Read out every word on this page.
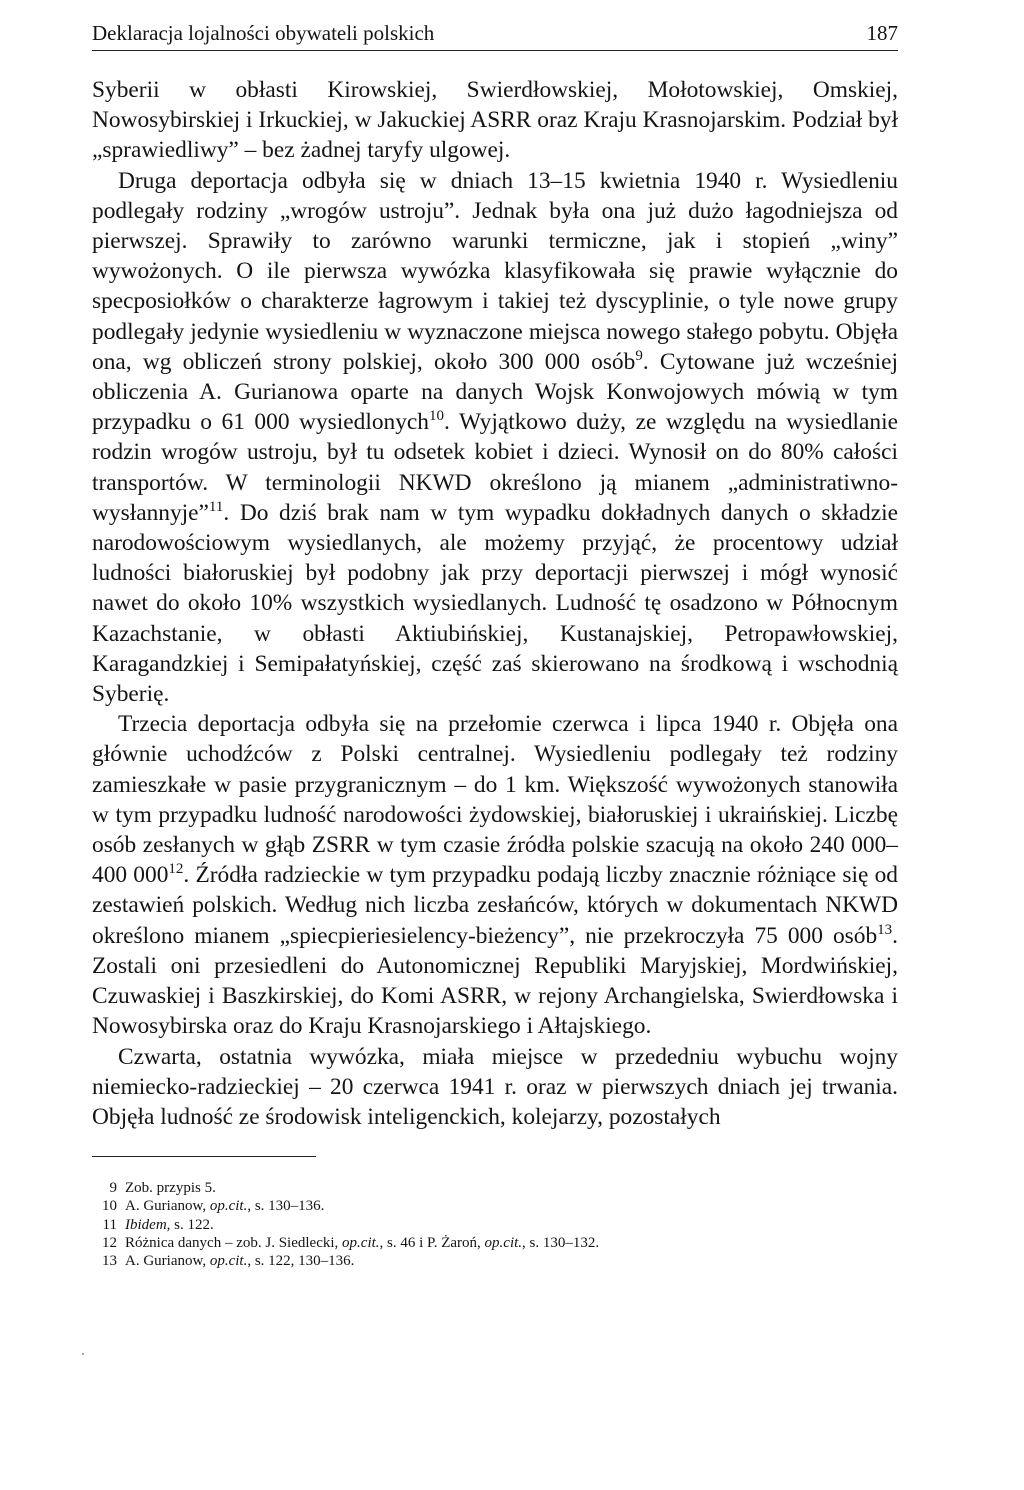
Deklaracja lojalności obywateli polskich	187

Syberii w obłasti Kirowskiej, Swierdłowskiej, Mołotowskiej, Omskiej, Nowosybirskiej i Irkuckiej, w Jakuckiej ASRR oraz Kraju Krasnojarskim. Podział był „sprawiedliwy” – bez żadnej taryfy ulgowej.

Druga deportacja odbyła się w dniach 13–15 kwietnia 1940 r. Wysiedleniu podlegały rodziny „wrogów ustroju”. Jednak była ona już dużo łagodniejsza od pierwszej. Sprawiły to zarówno warunki termiczne, jak i stopień „winy” wywożonych. O ile pierwsza wywózka klasyfikowała się prawie wyłącznie do specposiołków o charakterze łagrowym i takiej też dyscyplinie, o tyle nowe grupy podlegały jedynie wysiedleniu w wyznaczone miejsca nowego stałego pobytu. Objęła ona, wg obliczeń strony polskiej, około 300 000 osób$^9$. Cytowane już wcześniej obliczenia A. Gurianowa oparte na danych Wojsk Konwojowych mówią w tym przypadku o 61 000 wysiedlonych$^{10}$. Wyjątkowo duży, ze względu na wysiedlanie rodzin wrogów ustroju, był tu odsetek kobiet i dzieci. Wynosił on do 80% całości transportów. W terminologii NKWD określono ją mianem „administratiwno-wysłannyje”$^{11}$. Do dziś brak nam w tym wypadku dokładnych danych o składzie narodowościowym wysiedlanych, ale możemy przyjąć, że procentowy udział ludności białoruskiej był podobny jak przy deportacji pierwszej i mógł wynosić nawet do około 10% wszystkich wysiedlanych. Ludność tę osadzono w Północnym Kazachstanie, w obłasti Aktiubińskiej, Kustanajskiej, Petropawłowskiej, Karagandzkiej i Semipałatyńskiej, część zaś skierowano na środkową i wschodnią Syberię.

Trzecia deportacja odbyła się na przełomie czerwca i lipca 1940 r. Objęła ona głównie uchodźców z Polski centralnej. Wysiedleniu podlegały też rodziny zamieszkałe w pasie przygranicznym – do 1 km. Większość wywożonych stanowiła w tym przypadku ludność narodowości żydowskiej, białoruskiej i ukraińskiej. Liczbę osób zesłanych w głąb ZSRR w tym czasie źródła polskie szacują na około 240 000–400 $000^{12}$. Źródła radzieckie w tym przypadku podają liczby znacznie różniące się od zestawień polskich. Według nich liczba zesłańców, których w dokumentach NKWD określono mianem „spiecpieriesielency-bieżency”, nie przekroczyła 75 000 osób$^{13}$. Zostali oni przesiedleni do Autonomicznej Republiki Maryjskiej, Mordwińskiej, Czuwaskiej i Baszkirskiej, do Komi ASRR, w rejony Archangielska, Swierdłowska i Nowosybirska oraz do Kraju Krasnojarskiego i Ałtajskiego.

Czwarta, ostatnia wywózka, miała miejsce w przededniu wybuchu wojny niemiecko-radzieckiej – 20 czerwca 1941 r. oraz w pierwszych dniach jej trwania. Objęła ludność ze środowisk inteligenckich, kolejarzy, pozostałych

9 Zob. przypis 5.
10 A. Gurianow, op.cit., s. 130–136.
11 Ibidem, s. 122.
12 Różnica danych – zob. J. Siedlecki, op.cit., s. 46 i P. Żaroń, op.cit., s. 130–132.
13 A. Gurianow, op.cit., s. 122, 130–136.
